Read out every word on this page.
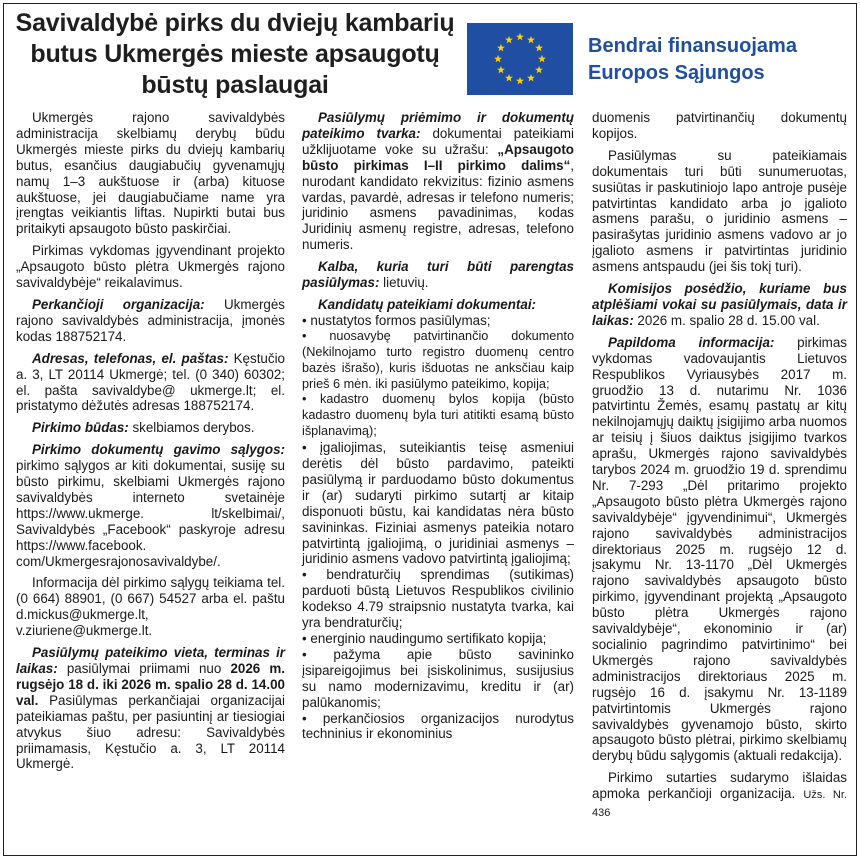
Savivaldybė pirks du dviejų kambarių butus Ukmergės mieste apsaugotų būstų paslaugai
Bendrai finansuojama Europos Sąjungos

Ukmergės rajono savivaldybės administracija skelbiamų derybų būdu Ukmergės mieste pirks du dviejų kambarių butus, esančius daugiabučių gyvenamųjų namų 1–3 aukštuose ir (arba) kituose aukštuose, jei daugiabučiame name yra įrengtas veikiantis liftas. Nupirkti butai bus pritaikyti apsaugoto būsto paskirčiai.

Pirkimas vykdomas įgyvendinant projekto „Apsaugoto būsto plėtra Ukmergės rajono savivaldybėje“ reikalavimus.

Perkančioji organizacija: Ukmergės rajono savivaldybės administracija, įmonės kodas 188752174.

Adresas, telefonas, el. paštas: Kęstučio a. 3, LT 20114 Ukmergė; tel. (0 340) 60302; el. pašta savivaldybe@ ukmerge.lt; el. pristatymo dėžutės adresas 188752174.

Pirkimo būdas: skelbiamos derybos.

Pirkimo dokumentų gavimo sąlygos: pirkimo sąlygos ar kiti dokumentai, susiję su būsto pirkimu, skelbiami Ukmergės rajono savivaldybės interneto svetainėje https://www.ukmerge. lt/skelbimai/, Savivaldybės „Facebook“ paskyroje adresu https://www.facebook. com/Ukmergesrajonosavivaldybe/.

Informacija dėl pirkimo sąlygų teikiama tel. (0 664) 88901, (0 667) 54527 arba el. paštu d.mickus@ukmerge.lt, v.ziuriene@ukmerge.lt.

Pasiūlymų pateikimo vieta, terminas ir laikas: pasiūlymai priimami nuo 2026 m. rugsėjo 18 d. iki 2026 m. spalio 28 d. 14.00 val. Pasiūlymas perkančiajai organizacijai pateikiamas paštu, per pasiuntinį ar tiesiogiai atvykus šiuo adresu: Savivaldybės priimamasis, Kęstučio a. 3, LT 20114 Ukmergė.

Pasiūlymų priėmimo ir dokumentų pateikimo tvarka: dokumentai pateikiami užklijuotame voke su užrašu: „Apsaugoto būsto pirkimas I–II pirkimo dalims“, nurodant kandidato rekvizitus: fizinio asmens vardas, pavardė, adresas ir telefono numeris; juridinio asmens pavadinimas, kodas Juridinių asmenų registre, adresas, telefono numeris.

Kalba, kuria turi būti parengtas pasiūlymas: lietuvių.

Kandidatų pateikiami dokumentai:

• nustatytos formos pasiūlymas;

• nuosavybę patvirtinančio dokumento (Nekilnojamo turto registro duomenų centro bazės išrašo), kuris išduotas ne anksčiau kaip prieš 6 mėn. iki pasiūlymo pateikimo, kopija;

• kadastro duomenų bylos kopija (būsto kadastro duomenų byla turi atitikti esamą būsto išplanavimą);

• įgaliojimas, suteikiantis teisę asmeniui derėtis dėl būsto pardavimo, pateikti pasiūlymą ir parduodamo būsto dokumentus ir (ar) sudaryti pirkimo sutartį ar kitaip disponuoti būstu, kai kandidatas nėra būsto savininkas. Fiziniai asmenys pateikia notaro patvirtintą įgaliojimą, o juridiniai asmenys – juridinio asmens vadovo patvirtintą įgaliojimą;

• bendraturčių sprendimas (sutikimas) parduoti būstą Lietuvos Respublikos civilinio kodekso 4.79 straipsnio nustatyta tvarka, kai yra bendraturčių;

• energinio naudingumo sertifikato kopija;

• pažyma apie būsto savininko įsipareigojimus bei įsiskolinimus, susijusius su namo modernizavimu, kreditu ir (ar) palūkanomis;

• perkančiosios organizacijos nurodytus techninius ir ekonominius

duomenis patvirtinančių dokumentų kopijos.

Pasiūlymas su pateikiamais dokumentais turi būti sunumeruotas, susiūtas ir paskutiniojo lapo antroje pusėje patvirtintas kandidato arba jo įgalioto asmens parašu, o juridinio asmens – pasirašytas juridinio asmens vadovo ar jo įgalioto asmens ir patvirtintas juridinio asmens antspaudu (jei šis tokį turi).

Komisijos posėdžio, kuriame bus atplėšiami vokai su pasiūlymais, data ir laikas: 2026 m. spalio 28 d. 15.00 val.

Papildoma informacija: pirkimas vykdomas vadovaujantis Lietuvos Respublikos Vyriausybės 2017 m. gruodžio 13 d. nutarimu Nr. 1036 patvirtintu Žemės, esamų pastatų ar kitų nekilnojamųjų daiktų įsigijimo arba nuomos ar teisių į šiuos daiktus įsigijimo tvarkos aprašu, Ukmergės rajono savivaldybės tarybos 2024 m. gruodžio 19 d. sprendimu Nr. 7-293 „Dėl pritarimo projekto „Apsaugoto būsto plėtra Ukmergės rajono savivaldybėje“ įgyvendinimui“, Ukmergės rajono savivaldybės administracijos direktoriaus 2025 m. rugsėjo 12 d. įsakymu Nr. 13-1170 „Dėl Ukmergės rajono savivaldybės apsaugoto būsto pirkimo, įgyvendinant projektą „Apsaugoto būsto plėtra Ukmergės rajono savivaldybėje“, ekonominio ir (ar) socialinio pagrindimo patvirtinimo“ bei Ukmergės rajono savivaldybės administracijos direktoriaus 2025 m. rugsėjo 16 d. įsakymu Nr. 13-1189 patvirtintomis Ukmergės rajono savivaldybės gyvenamojo būsto, skirto apsaugoto būsto plėtrai, pirkimo skelbiamų derybų būdu sąlygomis (aktuali redakcija).

Pirkimo sutarties sudarymo išlaidas apmoka perkančioji organizacija. Užs. Nr. 436
